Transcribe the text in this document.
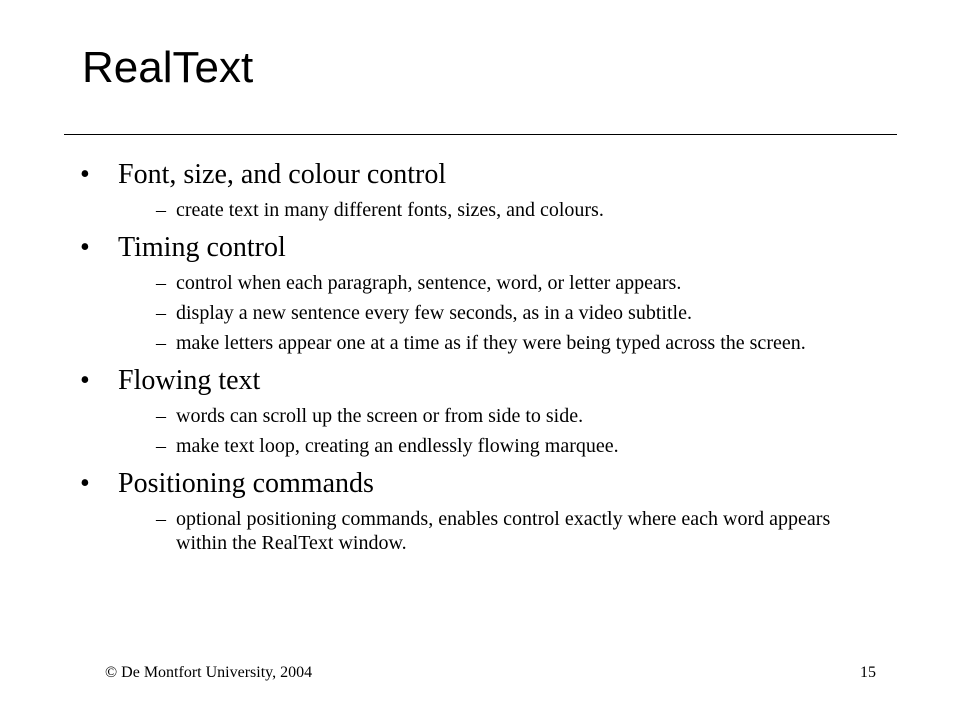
RealText
•	Font, size, and colour control
– create text in many different fonts, sizes, and colours.
•	Timing control
– control when each paragraph, sentence, word, or letter appears.
– display a new sentence every few seconds, as in a video subtitle.
– make letters appear one at a time as if they were being typed across the screen.
•	Flowing text
– words can scroll up the screen or from side to side.
– make text loop, creating an endlessly flowing marquee.
•	Positioning commands
– optional positioning commands, enables control exactly where each word appears within the RealText window.
© De Montfort University, 2004	15
